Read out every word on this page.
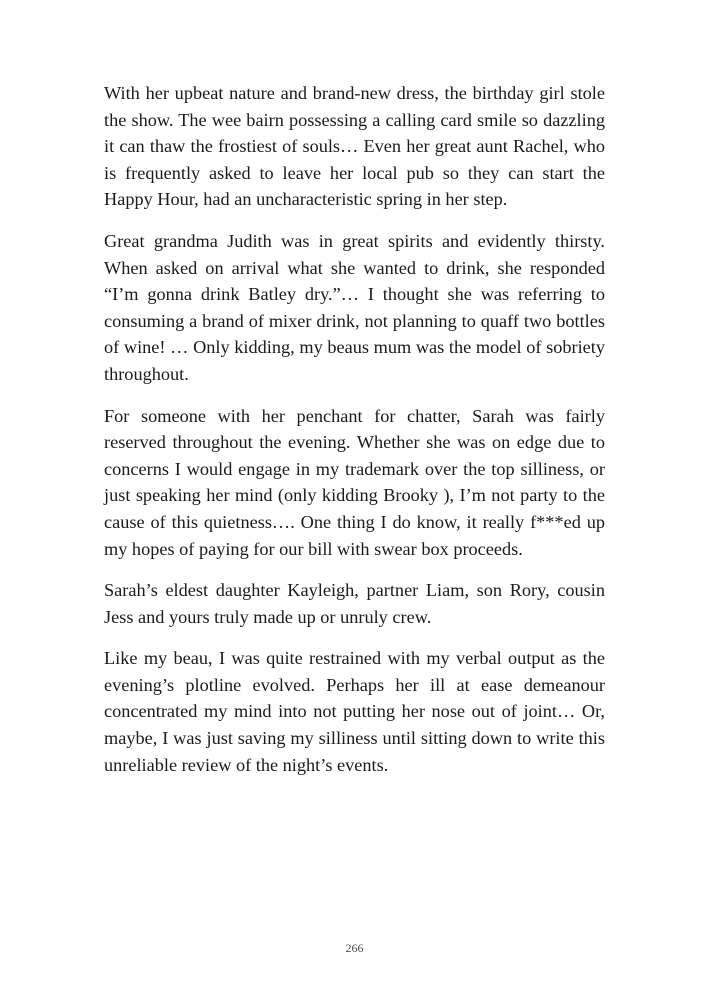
With her upbeat nature and brand-new dress, the birthday girl stole the show. The wee bairn possessing a calling card smile so dazzling it can thaw the frostiest of souls… Even her great aunt Rachel, who is frequently asked to leave her local pub so they can start the Happy Hour, had an uncharacteristic spring in her step.

Great grandma Judith was in great spirits and evidently thirsty. When asked on arrival what she wanted to drink, she responded “I’m gonna drink Batley dry.”… I thought she was referring to consuming a brand of mixer drink, not planning to quaff two bottles of wine! … Only kidding, my beaus mum was the model of sobriety throughout.

For someone with her penchant for chatter, Sarah was fairly reserved throughout the evening. Whether she was on edge due to concerns I would engage in my trademark over the top silliness, or just speaking her mind (only kidding Brooky ), I’m not party to the cause of this quietness…. One thing I do know, it really f***ed up my hopes of paying for our bill with swear box proceeds.

Sarah’s eldest daughter Kayleigh, partner Liam, son Rory, cousin Jess and yours truly made up or unruly crew.

Like my beau, I was quite restrained with my verbal output as the evening’s plotline evolved. Perhaps her ill at ease demeanour concentrated my mind into not putting her nose out of joint… Or, maybe, I was just saving my silliness until sitting down to write this unreliable review of the night’s events.

266
